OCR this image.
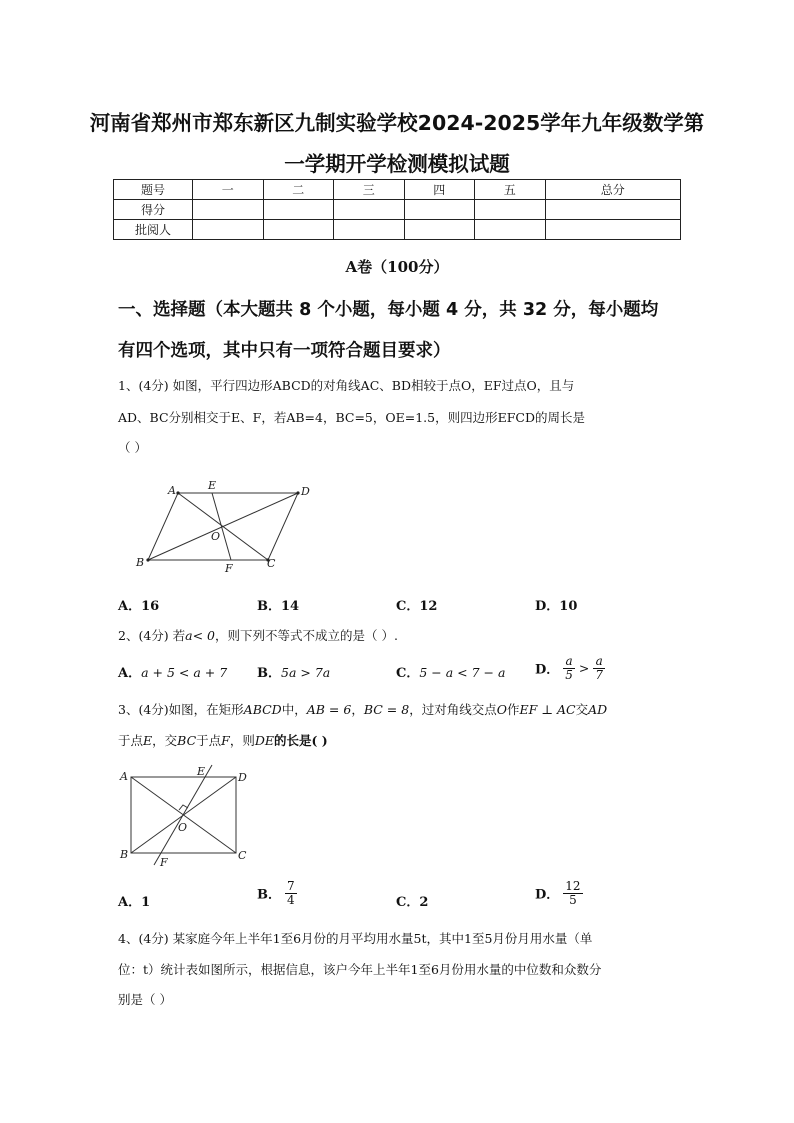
河南省郑州市郑东新区九制实验学校2024-2025学年九年级数学第
一学期开学检测模拟试题
题号	一	二	三	四	五	总分
得分						
批阅人						
A卷（100分）
一、选择题（本大题共 8 个小题，每小题 4 分，共 32 分，每小题均
有四个选项，其中只有一项符合题目要求）
1、(4分) 如图，平行四边形ABCD的对角线AC、BD相较于点O，EF过点O，且与
AD、BC分别相交于E、F，若AB=4，BC=5，OE=1.5，则四边形EFCD的周长是
（ ）
A	E	D
O
B	F	C
A．16	B．14	C．12	D．10
2、(4分) 若a< 0，则下列不等式不成立的是（ ）.
A．a + 5 < a + 7 B．5a > 7a	C．5 − a < 7 − a D． $\frac{a}{5} > \frac{a}{7}$
3、(4分)如图，在矩形ABCD中，AB = 6，BC = 8，过对角线交点O作EF ⊥ AC交AD
于点E，交BC于点F，则DE的长是( )
A	E	D
O
B
F
C
A．1	B． $\frac{7}{4}$	C．2	D． $\frac{12}{5}$
4、(4分) 某家庭今年上半年1至6月份的月平均用水量5t，其中1至5月份月用水量（单
位：t）统计表如图所示，根据信息，该户今年上半年1至6月份用水量的中位数和众数分
别是（ ）
